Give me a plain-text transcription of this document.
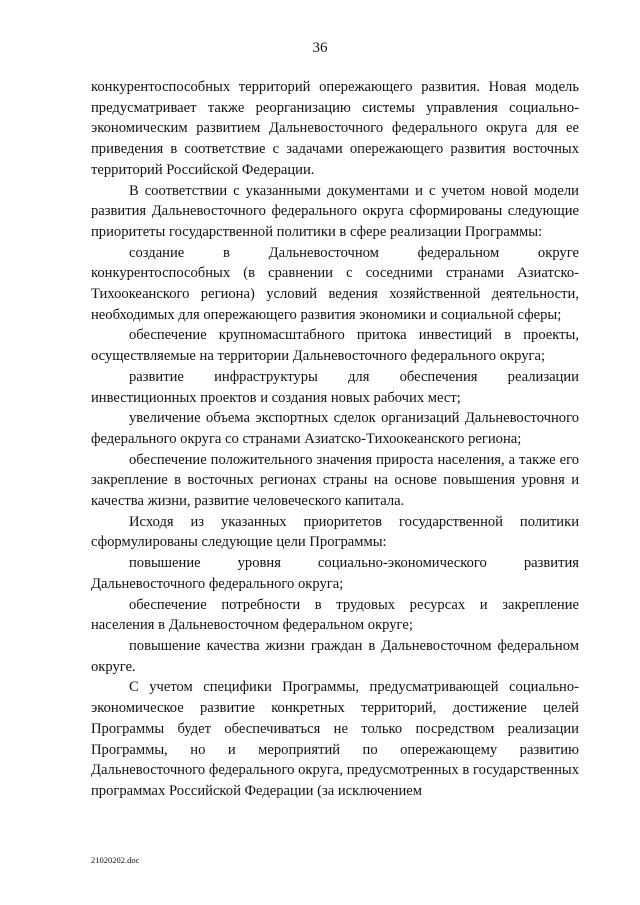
36

конкурентоспособных территорий опережающего развития. Новая модель предусматривает также реорганизацию системы управления социально-экономическим развитием Дальневосточного федерального округа для ее приведения в соответствие с задачами опережающего развития восточных территорий Российской Федерации.

В соответствии с указанными документами и с учетом новой модели развития Дальневосточного федерального округа сформированы следующие приоритеты государственной политики в сфере реализации Программы:

создание в Дальневосточном федеральном округе конкурентоспособных (в сравнении с соседними странами Азиатско-Тихоокеанского региона) условий ведения хозяйственной деятельности, необходимых для опережающего развития экономики и социальной сферы;

обеспечение крупномасштабного притока инвестиций в проекты, осуществляемые на территории Дальневосточного федерального округа;

развитие инфраструктуры для обеспечения реализации инвестиционных проектов и создания новых рабочих мест;

увеличение объема экспортных сделок организаций Дальневосточного федерального округа со странами Азиатско-Тихоокеанского региона;

обеспечение положительного значения прироста населения, а также его закрепление в восточных регионах страны на основе повышения уровня и качества жизни, развитие человеческого капитала.

Исходя из указанных приоритетов государственной политики сформулированы следующие цели Программы:

повышение уровня социально-экономического развития Дальневосточного федерального округа;

обеспечение потребности в трудовых ресурсах и закрепление населения в Дальневосточном федеральном округе;

повышение качества жизни граждан в Дальневосточном федеральном округе.

С учетом специфики Программы, предусматривающей социально-экономическое развитие конкретных территорий, достижение целей Программы будет обеспечиваться не только посредством реализации Программы, но и мероприятий по опережающему развитию Дальневосточного федерального округа, предусмотренных в государственных программах Российской Федерации (за исключением

21020202.doc
